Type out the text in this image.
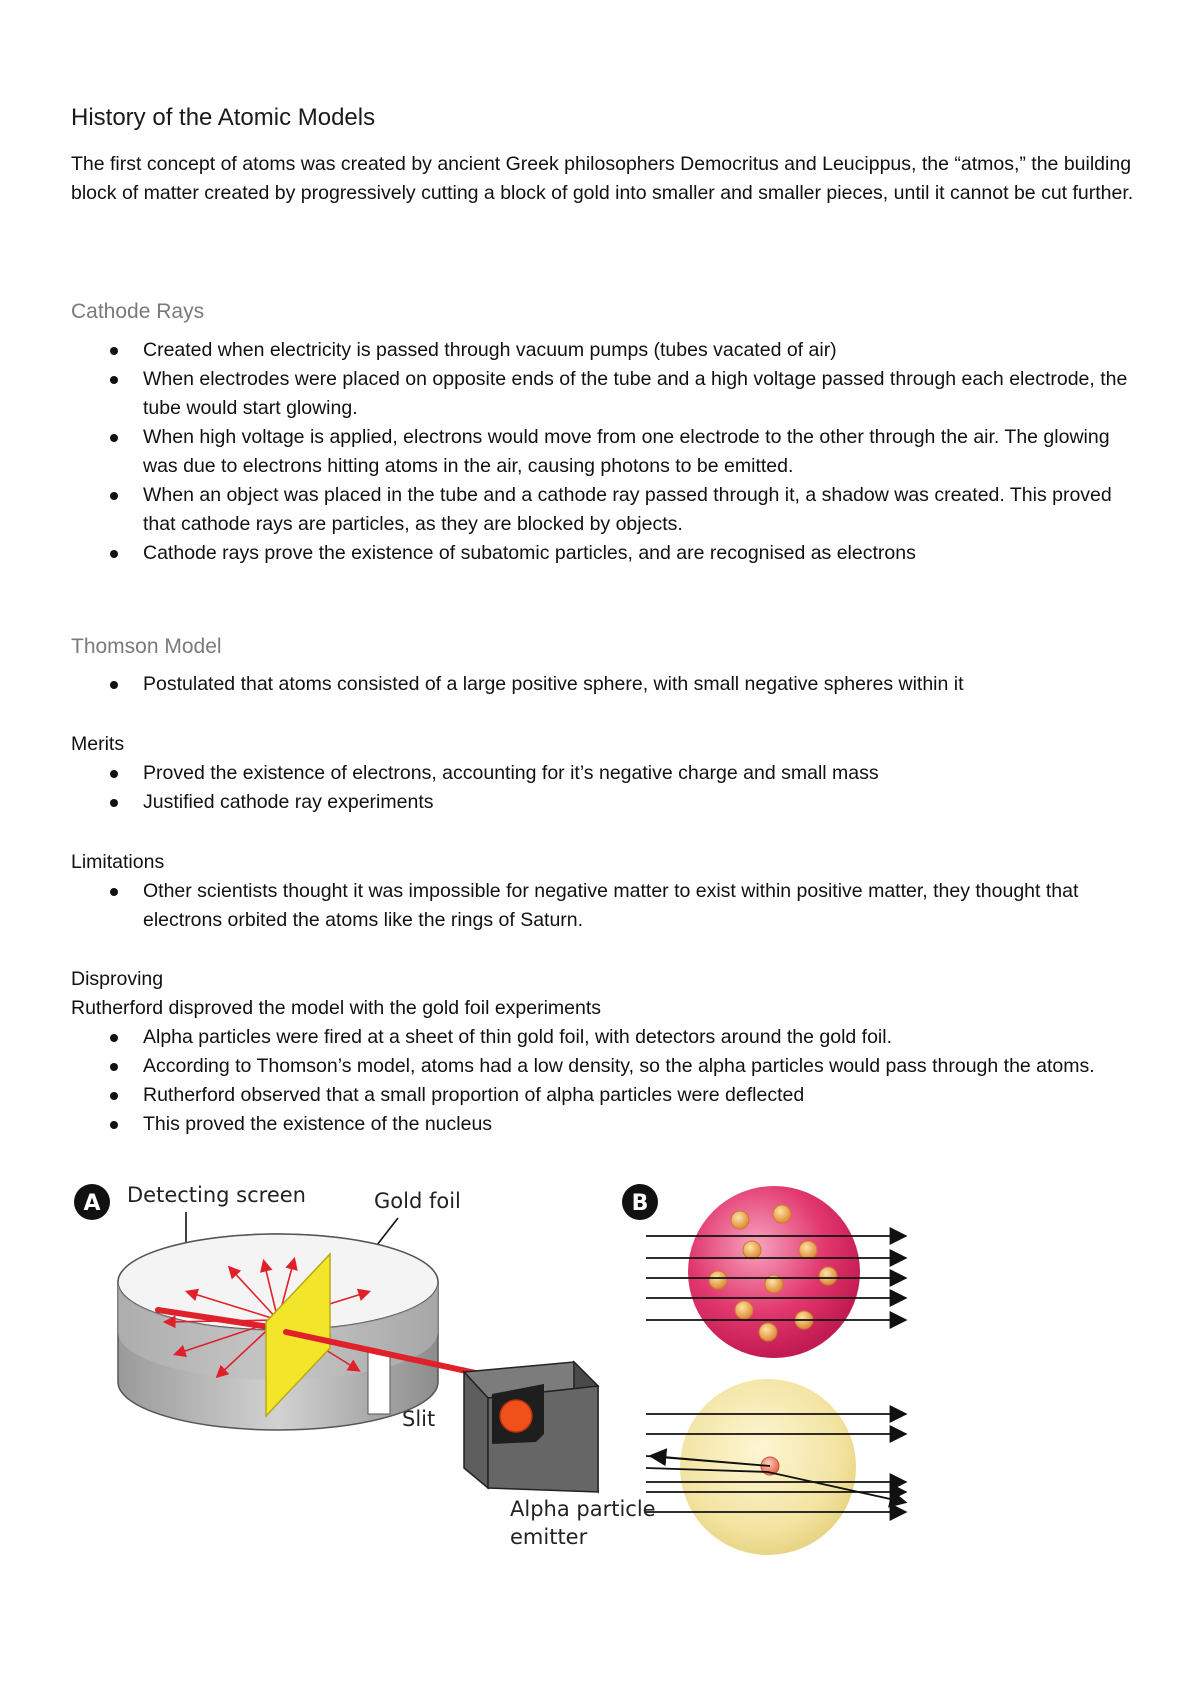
History of the Atomic Models

The first concept of atoms was created by ancient Greek philosophers Democritus and Leucippus, the “atmos,” the building block of matter created by progressively cutting a block of gold into smaller and smaller pieces, until it cannot be cut further.

Cathode Rays
Created when electricity is passed through vacuum pumps (tubes vacated of air)
When electrodes were placed on opposite ends of the tube and a high voltage passed through each electrode, the tube would start glowing.
When high voltage is applied, electrons would move from one electrode to the other through the air. The glowing was due to electrons hitting atoms in the air, causing photons to be emitted.
When an object was placed in the tube and a cathode ray passed through it, a shadow was created. This proved that cathode rays are particles, as they are blocked by objects.
Cathode rays prove the existence of subatomic particles, and are recognised as electrons
Thomson Model
Postulated that atoms consisted of a large positive sphere, with small negative spheres within it

Merits

Proved the existence of electrons, accounting for it’s negative charge and small mass
Justified cathode ray experiments

Limitations

Other scientists thought it was impossible for negative matter to exist within positive matter, they thought that electrons orbited the atoms like the rings of Saturn.

Disproving

Rutherford disproved the model with the gold foil experiments

Alpha particles were fired at a sheet of thin gold foil, with detectors around the gold foil.
According to Thomson’s model, atoms had a low density, so the alpha particles would pass through the atoms.
Rutherford observed that a small proportion of alpha particles were deflected
This proved the existence of the nucleus
A Detecting screen	Gold foil
Slit
Alpha particle
emitter
B
